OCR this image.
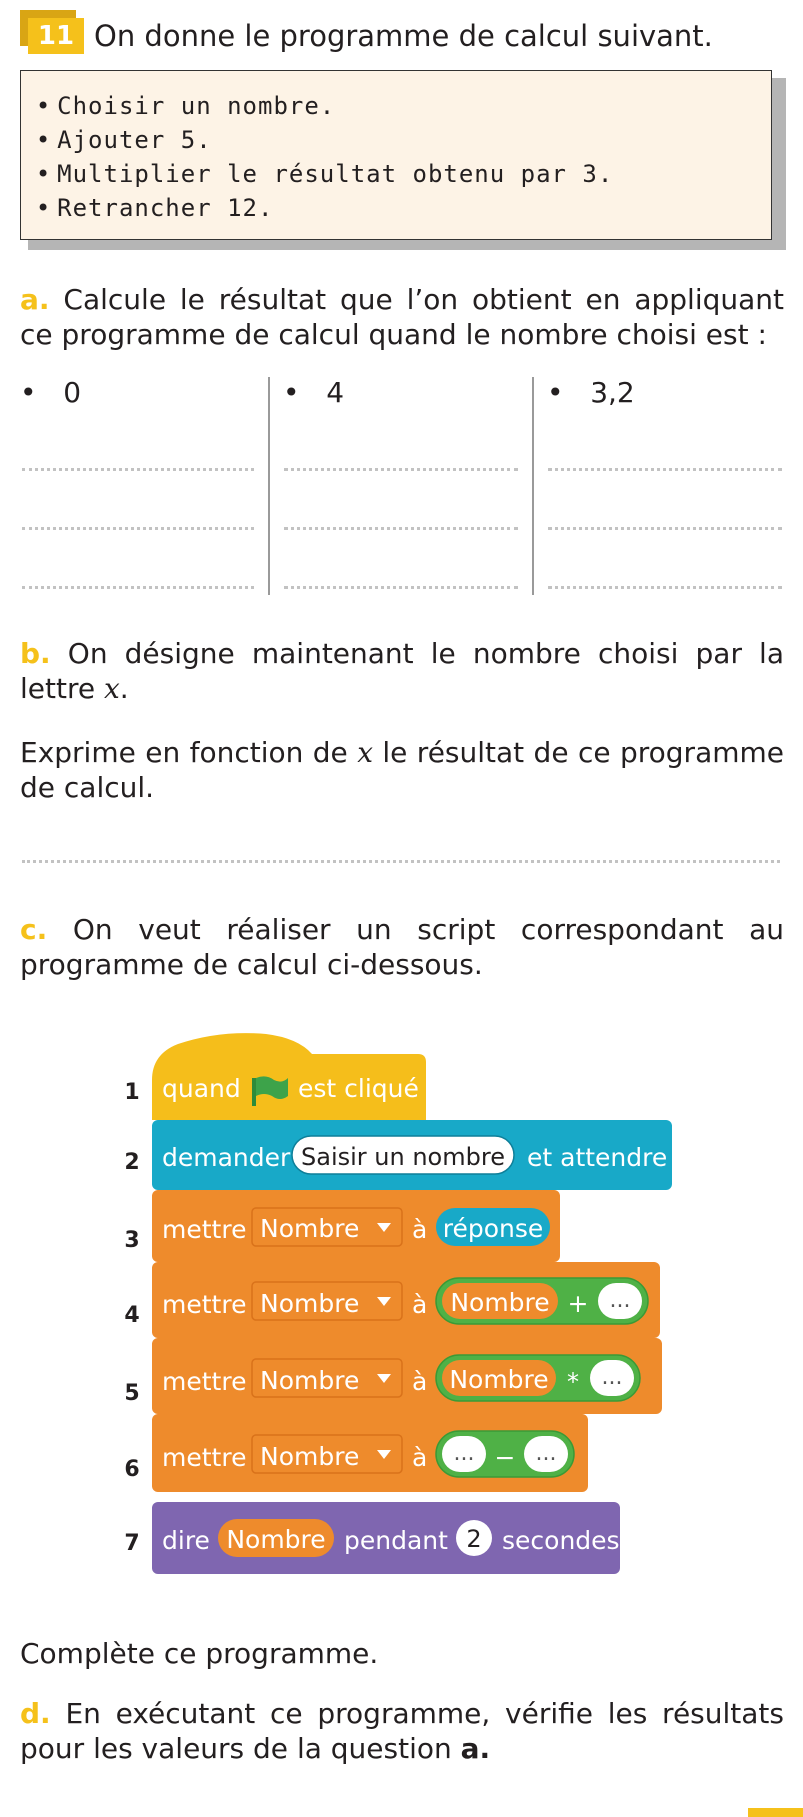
11 On donne le programme de calcul suivant.
• Choisir un nombre.
• Ajouter 5.
• Multiplier le résultat obtenu par 3.
• Retrancher 12.
a. Calcule le résultat que l’on obtient en appliquant ce programme de calcul quand le nombre choisi est :
•   0	•   4	•   3,2
b. On désigne maintenant le nombre choisi par la lettre x.
Exprime en fonction de x le résultat de ce programme de calcul.
c. On veut réaliser un script correspondant au programme de calcul ci-dessous.
1
2
3
4
5
6
7
quand est cliqué
demander Saisir un nombre et attendre
mettre Nombre à réponse
mettre Nombre à Nombre + ...
mettre Nombre à Nombre * ...
mettre Nombre à ... − ...
dire Nombre pendant 2 secondes
Complète ce programme.
d. En exécutant ce programme, vérifie les résultats pour les valeurs de la question a.
